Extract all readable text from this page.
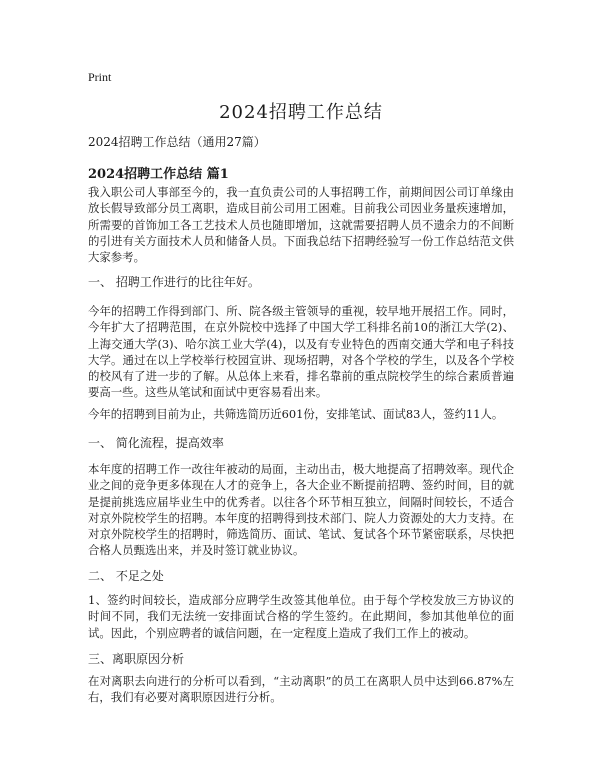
Print
2024招聘工作总结
2024招聘工作总结（通用27篇）
2024招聘工作总结 篇1
我入职公司人事部至今的，我一直负责公司的人事招聘工作，前期间因公司订单缘由放长假导致部分员工离职，造成目前公司用工困难。目前我公司因业务量疾速增加，所需要的首饰加工各工艺技术人员也随即增加，这就需要招聘人员不遗余力的不间断的引进有关方面技术人员和储备人员。下面我总结下招聘经验写一份工作总结范文供大家参考。
一、 招聘工作进行的比往年好。
今年的招聘工作得到部门、所、院各级主管领导的重视，较早地开展招工作。同时，今年扩大了招聘范围，在京外院校中选择了中国大学工科排名前10的浙江大学(2)、上海交通大学(3)、哈尔滨工业大学(4)，以及有专业特色的西南交通大学和电子科技大学。通过在以上学校举行校园宣讲、现场招聘，对各个学校的学生，以及各个学校的校风有了进一步的了解。从总体上来看，排名靠前的重点院校学生的综合素质普遍要高一些。这些从笔试和面试中更容易看出来。
今年的招聘到目前为止，共筛选简历近601份，安排笔试、面试83人，签约11人。
一、 简化流程，提高效率
本年度的招聘工作一改往年被动的局面，主动出击，极大地提高了招聘效率。现代企业之间的竞争更多体现在人才的竞争上，各大企业不断提前招聘、签约时间，目的就是提前挑选应届毕业生中的优秀者。以往各个环节相互独立，间隔时间较长，不适合对京外院校学生的招聘。本年度的招聘得到技术部门、院人力资源处的大力支持。在对京外院校学生的招聘时，筛选简历、面试、笔试、复试各个环节紧密联系，尽快把合格人员甄选出来，并及时签订就业协议。
二、 不足之处
1、签约时间较长，造成部分应聘学生改签其他单位。由于每个学校发放三方协议的时间不同，我们无法统一安排面试合格的学生签约。在此期间，参加其他单位的面试。因此，个别应聘者的诚信问题，在一定程度上造成了我们工作上的被动。
三、离职原因分析
在对离职去向进行的分析可以看到，“主动离职”的员工在离职人员中达到66.87%左右，我们有必要对离职原因进行分析。
